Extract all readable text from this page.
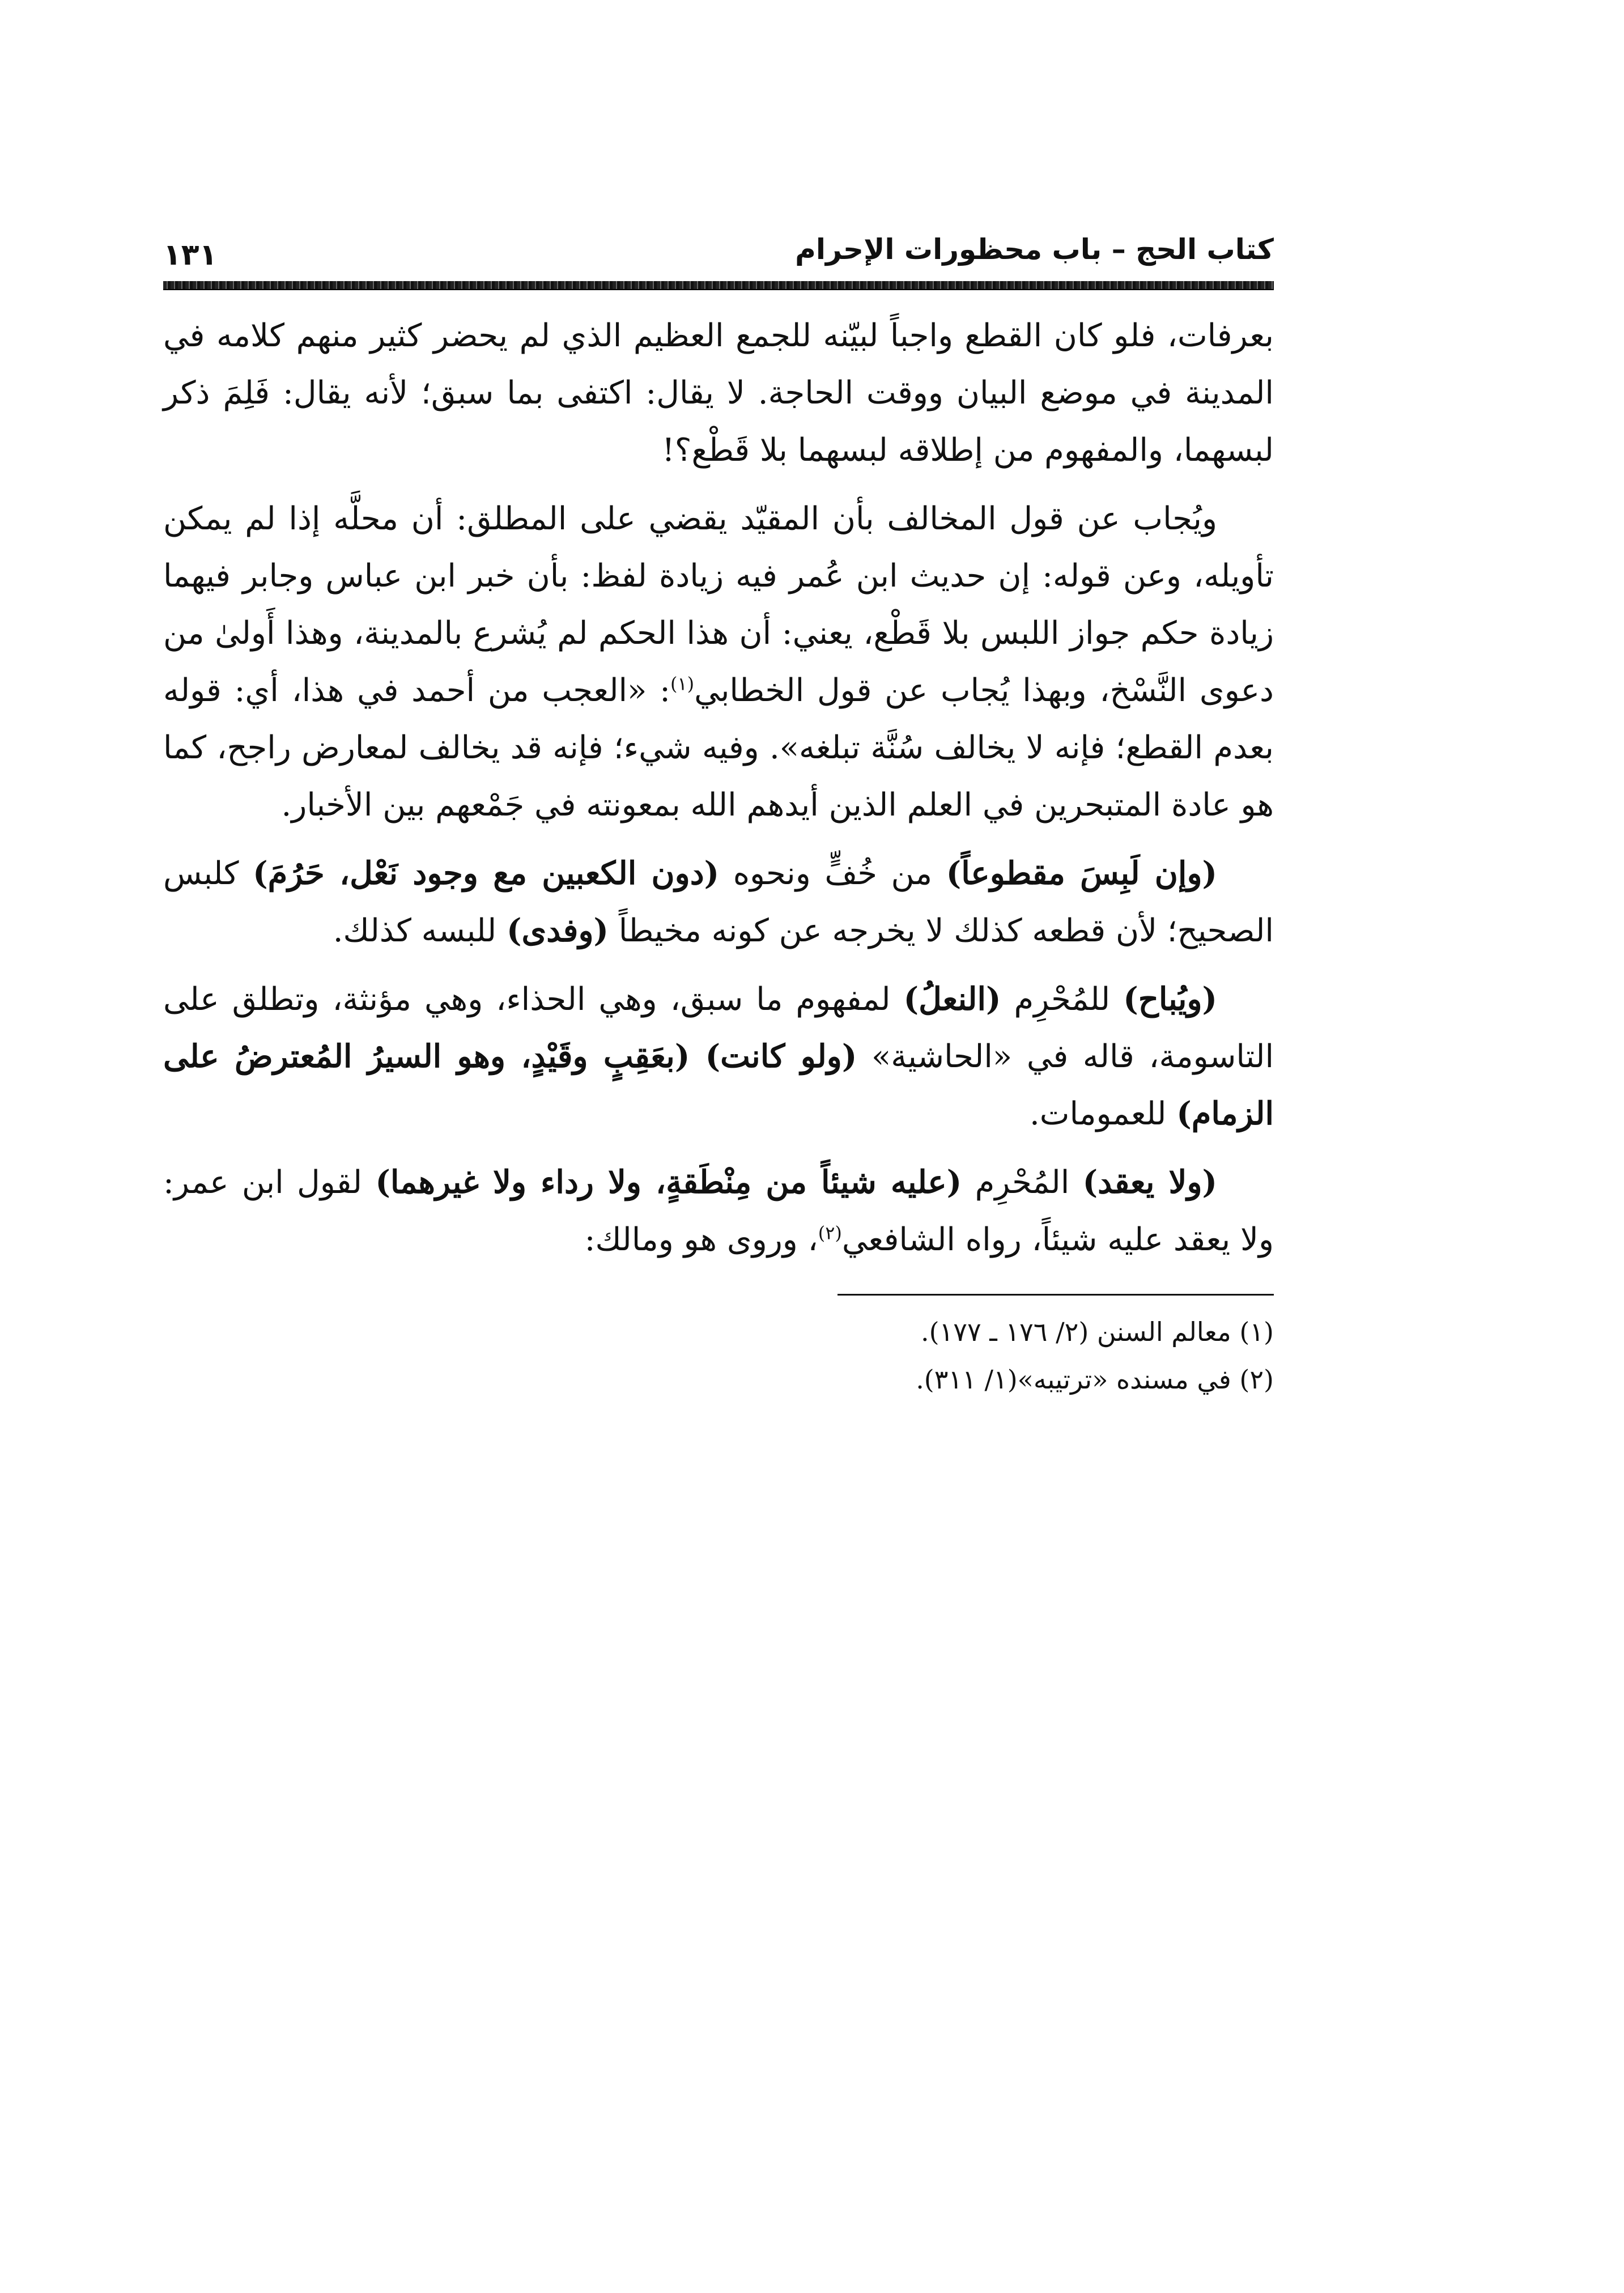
كتاب الحج – باب محظورات الإحرام
١٣١

بعرفات، فلو كان القطع واجباً لبيّنه للجمع العظيم الذي لم يحضر كثير منهم كلامه في المدينة في موضع البيان ووقت الحاجة. لا يقال: اكتفى بما سبق؛ لأنه يقال: فَلِمَ ذكر لبسهما، والمفهوم من إطلاقه لبسهما بلا قَطْع؟!

ويُجاب عن قول المخالف بأن المقيّد يقضي على المطلق: أن محلَّه إذا لم يمكن تأويله، وعن قوله: إن حديث ابن عُمر فيه زيادة لفظ: بأن خبر ابن عباس وجابر فيهما زيادة حكم جواز اللبس بلا قَطْع، يعني: أن هذا الحكم لم يُشرع بالمدينة، وهذا أَولىٰ من دعوى النَّسْخ، وبهذا يُجاب عن قول الخطابي$^{(١)}$: «العجب من أحمد في هذا، أي: قوله بعدم القطع؛ فإنه لا يخالف سُنَّة تبلغه». وفيه شيء؛ فإنه قد يخالف لمعارض راجح، كما هو عادة المتبحرين في العلم الذين أيدهم الله بمعونته في جَمْعهم بين الأخبار.

(وإن لَبِسَ مقطوعاً) من خُفٍّ ونحوه (دون الكعبين مع وجود نَعْل، حَرُمَ) كلبس الصحيح؛ لأن قطعه كذلك لا يخرجه عن كونه مخيطاً (وفدى) للبسه كذلك.

(ويُباح) للمُحْرِم (النعلُ) لمفهوم ما سبق، وهي الحذاء، وهي مؤنثة، وتطلق على التاسومة، قاله في «الحاشية» (ولو كانت) (بعَقِبٍ وقَيْدٍ، وهو السيرُ المُعترضُ على الزمام) للعمومات.

(ولا يعقد) المُحْرِم (عليه شيئاً من مِنْطَقةٍ، ولا رداء ولا غيرهما) لقول ابن عمر: ولا يعقد عليه شيئاً، رواه الشافعي$^{(٢)}$، وروى هو ومالك:

(١) معالم السنن (٢/ ١٧٦ ـ ١٧٧).

(٢) في مسنده «ترتيبه»(١/ ٣١١).
